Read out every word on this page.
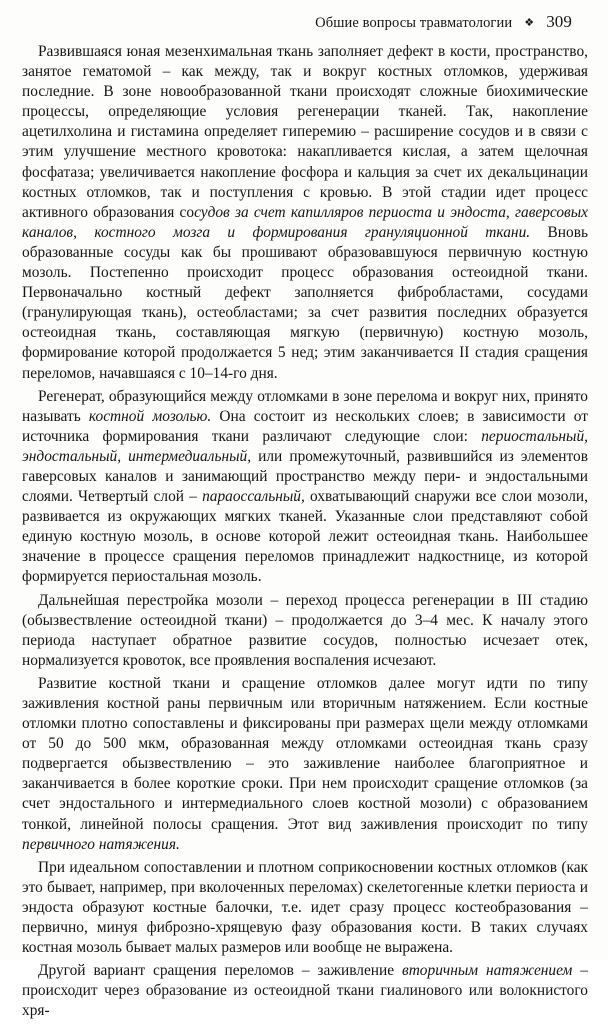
Обшие вопросы травматологии ❖ 309

Развившаяся юная мезенхимальная ткань заполняет дефект в кости, пространство, занятое гематомой – как между, так и вокруг костных отломков, удерживая последние. В зоне новообразованной ткани происходят сложные биохимические процессы, определяющие условия регенерации тканей. Так, накопление ацетилхолина и гистамина определяет гиперемию – расширение сосудов и в связи с этим улучшение местного кровотока: накапливается кислая, а затем щелочная фосфатаза; увеличивается накопление фосфора и кальция за счет их декальцинации костных отломков, так и поступления с кровью. В этой стадии идет процесс активного образования сосудов за счет капилляров периоста и эндоста, гаверсовых каналов, костного мозга и формирования грануляционной ткани. Вновь образованные сосуды как бы прошивают образовавшуюся первичную костную мозоль. Постепенно происходит процесс образования остеоидной ткани. Первоначально костный дефект заполняется фибробластами, сосудами (гранулирующая ткань), остеобластами; за счет развития последних образуется остеоидная ткань, составляющая мягкую (первичную) костную мозоль, формирование которой продолжается 5 нед; этим заканчивается II стадия сращения переломов, начавшаяся с 10–14-го дня.

Регенерат, образующийся между отломками в зоне перелома и вокруг них, принято называть костной мозолью. Она состоит из нескольких слоев; в зависимости от источника формирования ткани различают следующие слои: периостальный, эндостальный, интермедиальный, или промежуточный, развившийся из элементов гаверсовых каналов и занимающий пространство между пери- и эндостальными слоями. Четвертый слой – параоссальный, охватывающий снаружи все слои мозоли, развивается из окружающих мягких тканей. Указанные слои представляют собой единую костную мозоль, в основе которой лежит остеоидная ткань. Наибольшее значение в процессе сращения переломов принадлежит надкостнице, из которой формируется периостальная мозоль.

Дальнейшая перестройка мозоли – переход процесса регенерации в III стадию (обызвествление остеоидной ткани) – продолжается до 3–4 мес. К началу этого периода наступает обратное развитие сосудов, полностью исчезает отек, нормализуется кровоток, все проявления воспаления исчезают.

Развитие костной ткани и сращение отломков далее могут идти по типу заживления костной раны первичным или вторичным натяжением. Если костные отломки плотно сопоставлены и фиксированы при размерах щели между отломками от 50 до 500 мкм, образованная между отломками остеоидная ткань сразу подвергается обызвествлению – это заживление наиболее благоприятное и заканчивается в более короткие сроки. При нем происходит сращение отломков (за счет эндостального и интермедиального слоев костной мозоли) с образованием тонкой, линейной полосы сращения. Этот вид заживления происходит по типу первичного натяжения.

При идеальном сопоставлении и плотном соприкосновении костных отломков (как это бывает, например, при вколоченных переломах) скелетогенные клетки периоста и эндоста образуют костные балочки, т.е. идет сразу процесс костеобразования – первично, минуя фиброзно-хрящевую фазу образования кости. В таких случаях костная мозоль бывает малых размеров или вообще не выражена.

Другой вариант сращения переломов – заживление вторичным натяжением – происходит через образование из остеоидной ткани гиалинового или волокнистого хря-
